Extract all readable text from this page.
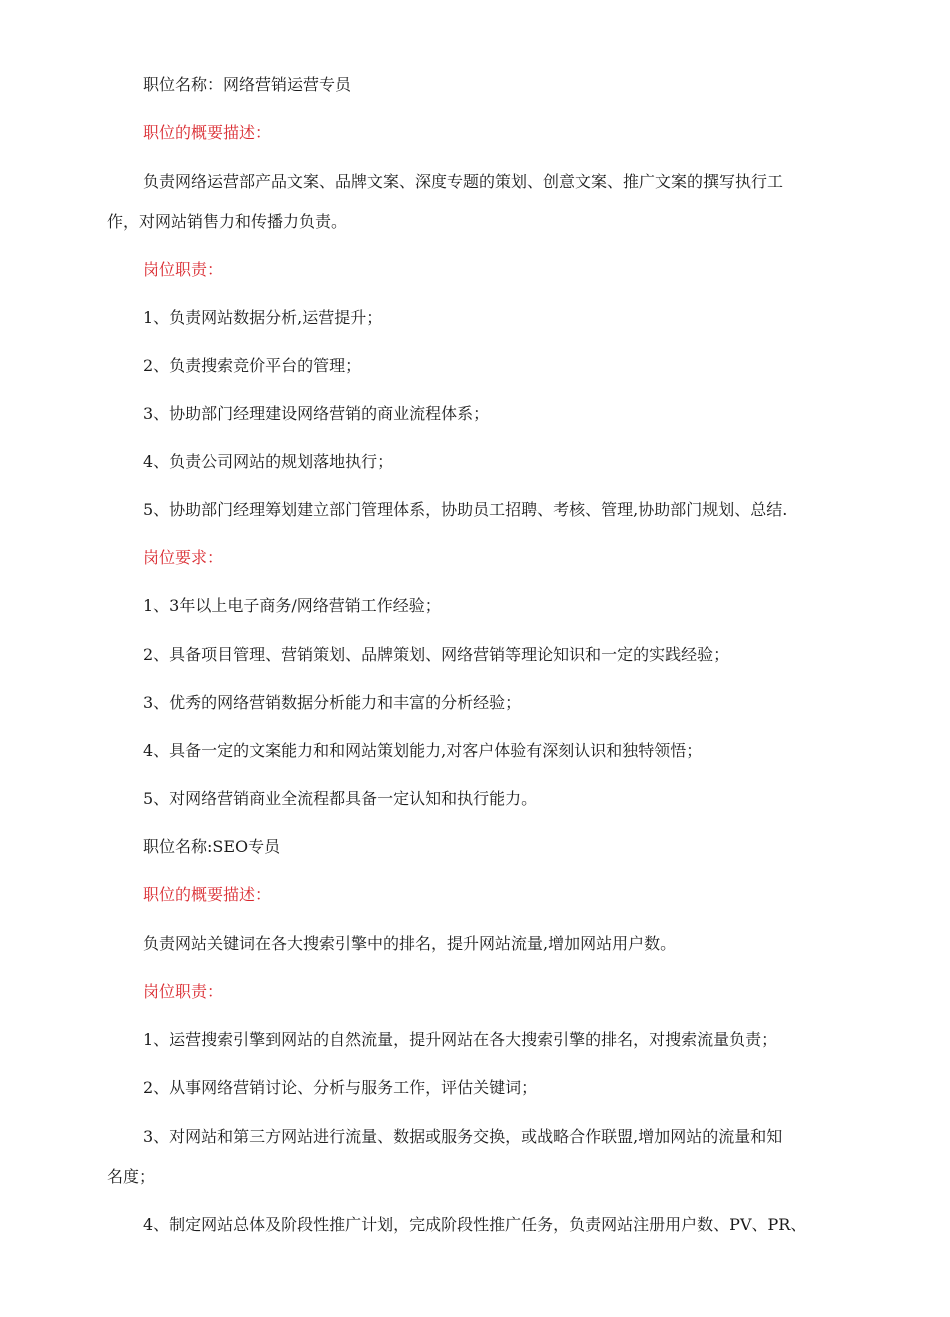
职位名称：网络营销运营专员
职位的概要描述：
负责网络运营部产品文案、品牌文案、深度专题的策划、创意文案、推广文案的撰写执行工
作，对网站销售力和传播力负责。
岗位职责：
1、负责网站数据分析,运营提升；
2、负责搜索竞价平台的管理；
3、协助部门经理建设网络营销的商业流程体系；
4、负责公司网站的规划落地执行；
5、协助部门经理筹划建立部门管理体系，协助员工招聘、考核、管理,协助部门规划、总结.
岗位要求：
1、3年以上电子商务/网络营销工作经验；
2、具备项目管理、营销策划、品牌策划、网络营销等理论知识和一定的实践经验；
3、优秀的网络营销数据分析能力和丰富的分析经验；
4、具备一定的文案能力和和网站策划能力,对客户体验有深刻认识和独特领悟；
5、对网络营销商业全流程都具备一定认知和执行能力。
职位名称:SEO专员
职位的概要描述：
负责网站关键词在各大搜索引擎中的排名，提升网站流量,增加网站用户数。
岗位职责：
1、运营搜索引擎到网站的自然流量，提升网站在各大搜索引擎的排名，对搜索流量负责；
2、从事网络营销讨论、分析与服务工作，评估关键词；
3、对网站和第三方网站进行流量、数据或服务交换，或战略合作联盟,增加网站的流量和知
名度；
4、制定网站总体及阶段性推广计划，完成阶段性推广任务，负责网站注册用户数、PV、PR、
